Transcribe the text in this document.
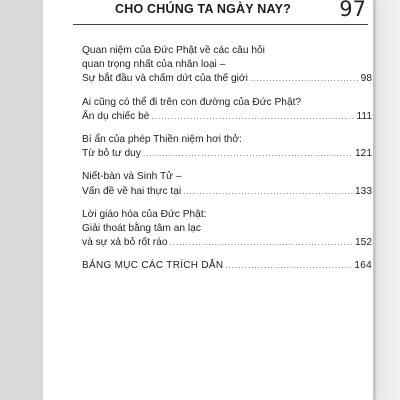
CHO CHÚNG TA NGÀY NAY? 97
Quan niệm của Đức Phật về các câu hỏi
quan trọng nhất của nhân loại –
Sự bắt đầu và chấm dứt của thế giới .....	98
Ai cũng có thể đi trên con đường của Đức Phật?
Ẩn dụ chiếc bè .....	111
Bí ẩn của phép Thiền niệm hơi thở:
Từ bỏ tư duy .....	121
Niết-bàn và Sinh Tử –
Vấn đề về hai thực tại .....	133
Lời giáo hóa của Đức Phật:
Giải thoát bằng tâm an lạc
và sự xả bỏ rốt ráo .....	152
BẢNG MỤC CÁC TRÍCH DẪN .....	164
